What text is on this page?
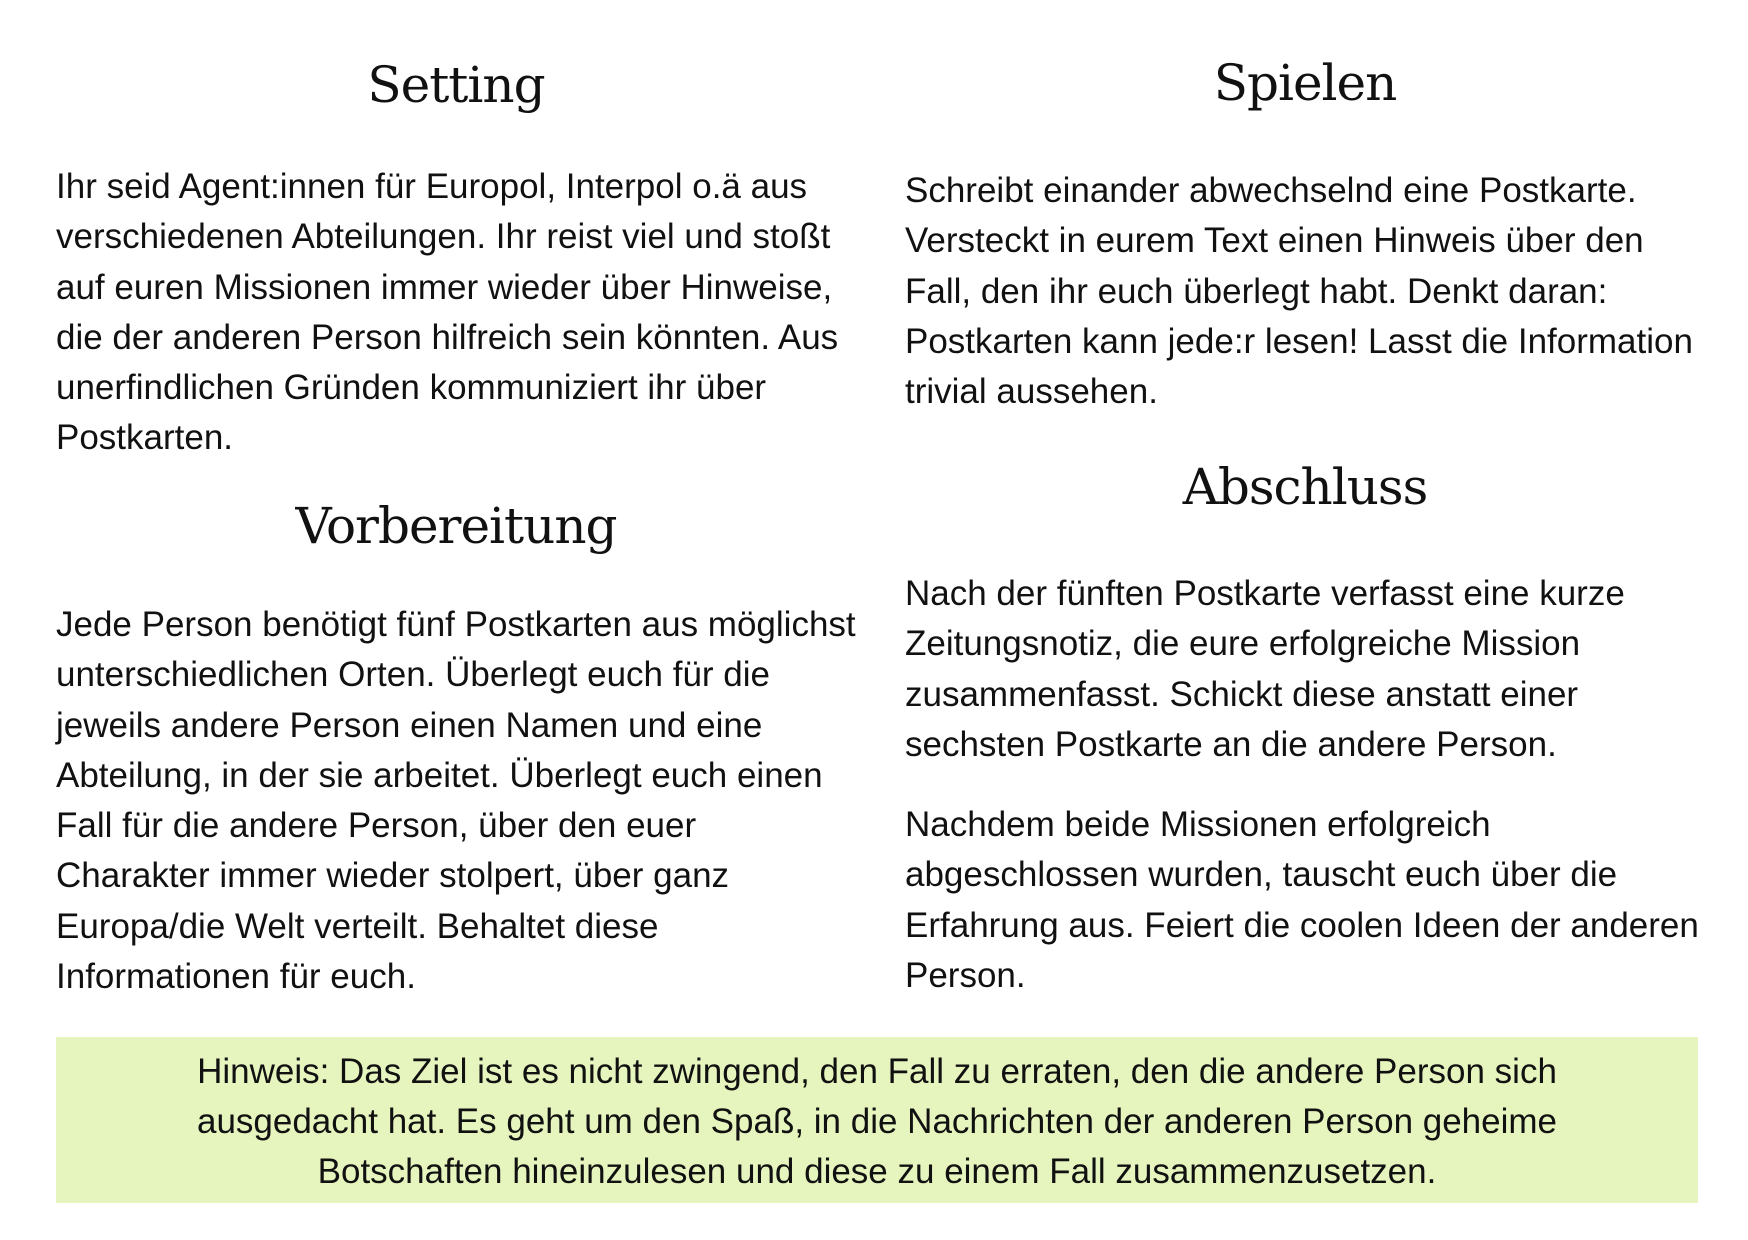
Setting

Ihr seid Agent:innen für Europol, Interpol o.ä aus verschiedenen Abteilungen. Ihr reist viel und stoßt auf euren Missionen immer wieder über Hinweise, die der anderen Person hilfreich sein könnten. Aus unerfindlichen Gründen kommuniziert ihr über Postkarten.

Vorbereitung

Jede Person benötigt fünf Postkarten aus möglichst unterschiedlichen Orten. Überlegt euch für die jeweils andere Person einen Namen und eine Abteilung, in der sie arbeitet. Überlegt euch einen Fall für die andere Person, über den euer Charakter immer wieder stolpert, über ganz Europa/die Welt verteilt. Behaltet diese Informationen für euch.

Spielen

Schreibt einander abwechselnd eine Postkarte. Versteckt in eurem Text einen Hinweis über den Fall, den ihr euch überlegt habt. Denkt daran: Postkarten kann jede:r lesen! Lasst die Information trivial aussehen.

Abschluss

Nach der fünften Postkarte verfasst eine kurze Zeitungsnotiz, die eure erfolgreiche Mission zusammenfasst. Schickt diese anstatt einer sechsten Postkarte an die andere Person.

Nachdem beide Missionen erfolgreich abgeschlossen wurden, tauscht euch über die Erfahrung aus. Feiert die coolen Ideen der anderen Person.

Hinweis: Das Ziel ist es nicht zwingend, den Fall zu erraten, den die andere Person sich ausgedacht hat. Es geht um den Spaß, in die Nachrichten der anderen Person geheime Botschaften hineinzulesen und diese zu einem Fall zusammenzusetzen.
